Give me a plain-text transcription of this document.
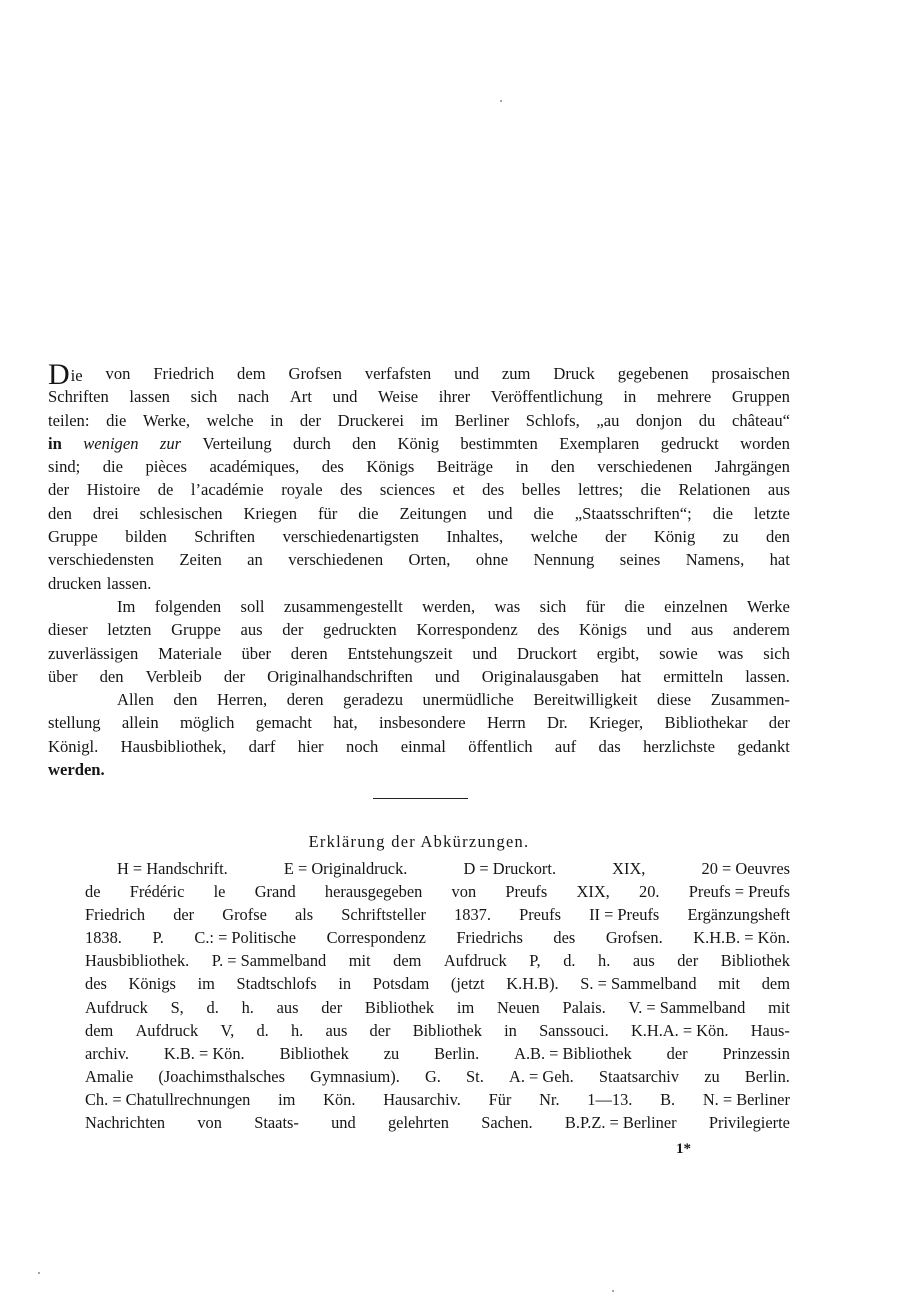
Die von Friedrich dem Grofsen verfafsten und zum Druck gegebenen prosaischen
Schriften lassen sich nach Art und Weise ihrer Veröffentlichung in mehrere Gruppen
teilen: die Werke, welche in der Druckerei im Berliner Schlofs, „au donjon du château“
in wenigen zur Verteilung durch den König bestimmten Exemplaren gedruckt worden
sind; die pièces académiques, des Königs Beiträge in den verschiedenen Jahrgängen
der Histoire de l’académie royale des sciences et des belles lettres; die Relationen aus
den drei schlesischen Kriegen für die Zeitungen und die „Staatsschriften“; die letzte
Gruppe bilden Schriften verschiedenartigsten Inhaltes, welche der König zu den
verschiedensten Zeiten an verschiedenen Orten, ohne Nennung seines Namens, hat
drucken lassen.
Im folgenden soll zusammengestellt werden, was sich für die einzelnen Werke
dieser letzten Gruppe aus der gedruckten Korrespondenz des Königs und aus anderem
zuverlässigen Materiale über deren Entstehungszeit und Druckort ergibt, sowie was sich
über den Verbleib der Originalhandschriften und Originalausgaben hat ermitteln lassen.
Allen den Herren, deren geradezu unermüdliche Bereitwilligkeit diese Zusammen-
stellung allein möglich gemacht hat, insbesondere Herrn Dr. Krieger, Bibliothekar der
Königl. Hausbibliothek, darf hier noch einmal öffentlich auf das herzlichste gedankt
werden.
Erklärung der Abkürzungen.
H = Handschrift.	E = Originaldruck.	D = Druckort.	XIX,	20 = Oeuvres
de Frédéric le Grand herausgegeben von Preufs XIX, 20. Preufs = Preufs
Friedrich der Grofse als Schriftsteller 1837. Preufs II = Preufs Ergänzungsheft
1838. P. C.: = Politische Correspondenz Friedrichs des Grofsen. K.H.B. = Kön.
Hausbibliothek. P. = Sammelband mit dem Aufdruck P, d. h. aus der Bibliothek
des Königs im Stadtschlofs in Potsdam (jetzt K.H.B). S. = Sammelband mit dem
Aufdruck S, d. h. aus der Bibliothek im Neuen Palais. V. = Sammelband mit
dem Aufdruck V, d. h. aus der Bibliothek in Sanssouci. K.H.A. = Kön. Haus-
archiv. K.B. = Kön. Bibliothek zu Berlin. A.B. = Bibliothek der Prinzessin
Amalie (Joachimsthalsches Gymnasium). G. St. A. = Geh. Staatsarchiv zu Berlin.
Ch. = Chatullrechnungen im Kön. Hausarchiv. Für Nr. 1—13. B. N. = Berliner
Nachrichten von Staats- und gelehrten Sachen. B.P.Z. = Berliner Privilegierte
1*
